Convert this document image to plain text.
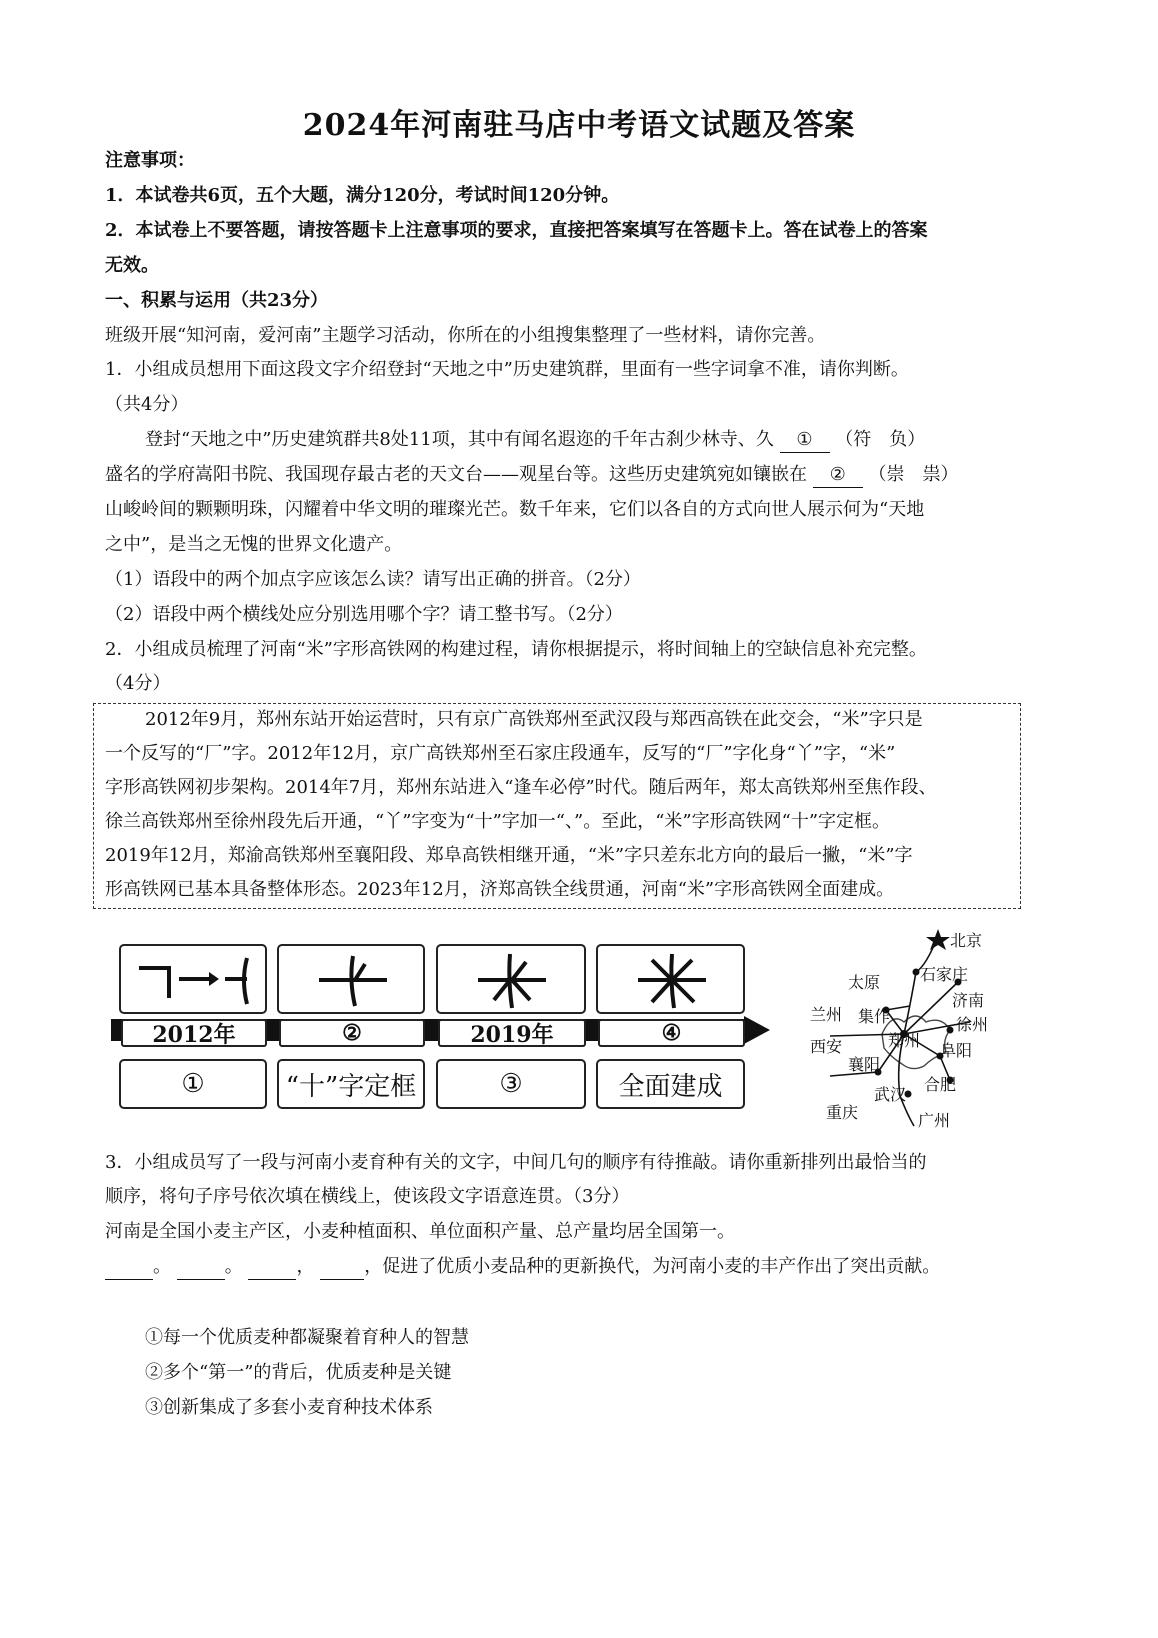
2024年河南驻马店中考语文试题及答案
注意事项：
1．本试卷共6页，五个大题，满分120分，考试时间120分钟。
2．本试卷上不要答题，请按答题卡上注意事项的要求，直接把答案填写在答题卡上。答在试卷上的答案
无效。
一、积累与运用（共23分）
班级开展“知河南，爱河南”主题学习活动，你所在的小组搜集整理了一些材料，请你完善。
1．小组成员想用下面这段文字介绍登封“天地之中”历史建筑群，里面有一些字词拿不准，请你判断。
（共4分）
登封“天地之中”历史建筑群共8处11项，其中有闻名遐迩的千年古刹少林寺、久 ① （符　负）
盛名的学府嵩阳书院、我国现存最古老的天文台——观星台等。这些历史建筑宛如镶嵌在 ② （崇　祟）
山峻岭间的颗颗明珠，闪耀着中华文明的璀璨光芒。数千年来，它们以各自的方式向世人展示何为“天地
之中”，是当之无愧的世界文化遗产。
（1）语段中的两个加点字应该怎么读？请写出正确的拼音。（2分）
（2）语段中两个横线处应分别选用哪个字？请工整书写。（2分）
2．小组成员梳理了河南“米”字形高铁网的构建过程，请你根据提示，将时间轴上的空缺信息补充完整。
（4分）
2012年9月，郑州东站开始运营时，只有京广高铁郑州至武汉段与郑西高铁在此交会，“米”字只是
一个反写的“厂”字。2012年12月，京广高铁郑州至石家庄段通车，反写的“厂”字化身“丫”字，“米”
字形高铁网初步架构。2014年7月，郑州东站进入“逢车必停”时代。随后两年，郑太高铁郑州至焦作段、
徐兰高铁郑州至徐州段先后开通，“丫”字变为“十”字加一“、”。至此，“米”字形高铁网“十”字定框。
2019年12月，郑渝高铁郑州至襄阳段、郑阜高铁相继开通，“米”字只差东北方向的最后一撇，“米”字
形高铁网已基本具备整体形态。2023年12月，济郑高铁全线贯通，河南“米”字形高铁网全面建成。
2012年	②	2019年	④
①	“十”字定框	③	全面建成
北京
太原 石家庄
济南
兰州 集作	徐州
西安	郑州
阜阳
襄阳
武汉
合肥
重庆	广州
3．小组成员写了一段与河南小麦育种有关的文字，中间几句的顺序有待推敲。请你重新排列出最恰当的
顺序，将句子序号依次填在横线上，使该段文字语意连贯。（3分）
河南是全国小麦主产区，小麦种植面积、单位面积产量、总产量均居全国第一。
。	。	，	，促进了优质小麦品种的更新换代，为河南小麦的丰产作出了突出贡献。
①每一个优质麦种都凝聚着育种人的智慧
②多个“第一”的背后，优质麦种是关键
③创新集成了多套小麦育种技术体系
